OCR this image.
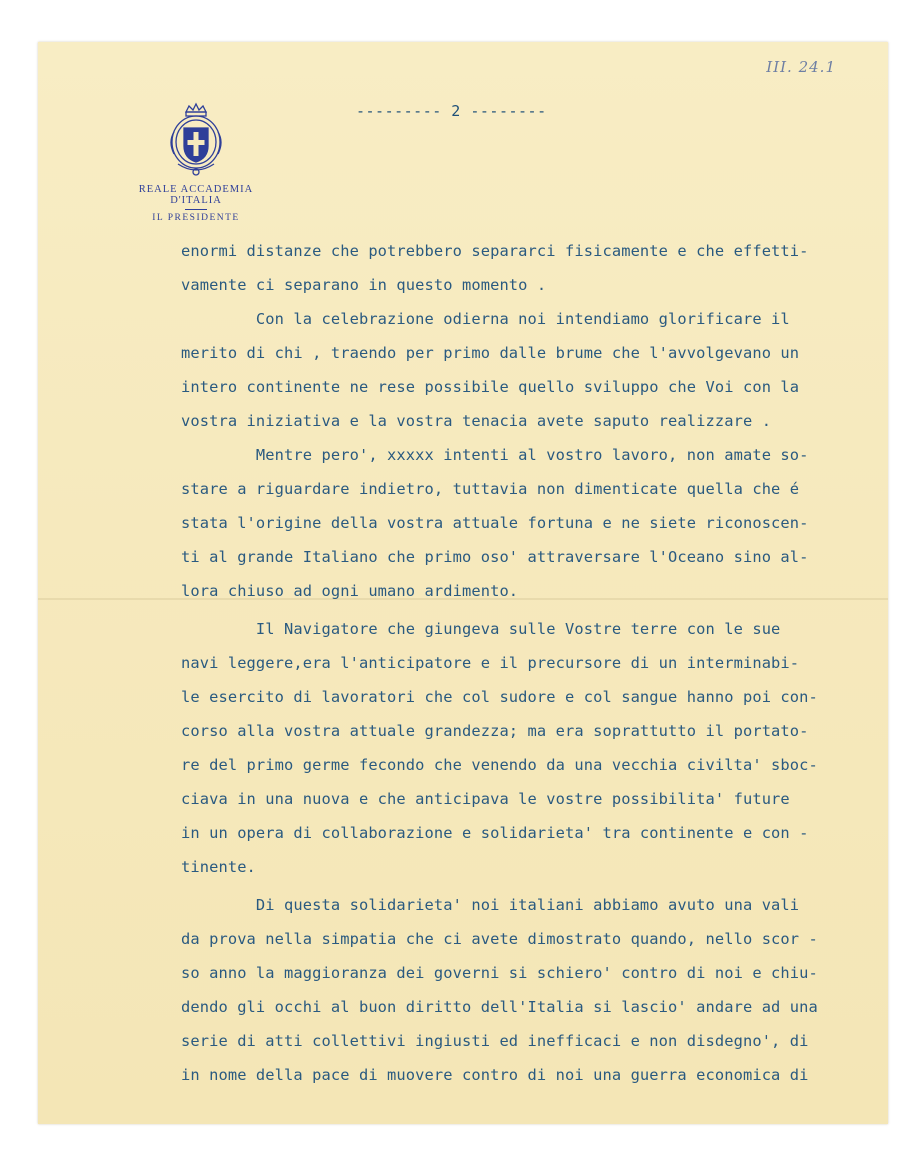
III. 24.1
REALE ACCADEMIA D'ITALIA
IL PRESIDENTE
--------- 2 --------
enormi distanze che potrebbero separarci fisicamente e che effetti-
vamente ci separano in questo momento .
Con la celebrazione odierna noi intendiamo glorificare il
merito di chi , traendo per primo dalle brume che l'avvolgevano un
intero continente ne rese possibile quello sviluppo che Voi con la
vostra iniziativa e la vostra tenacia avete saputo realizzare .
Mentre pero', xxxxx intenti al vostro lavoro, non amate so-
stare a riguardare indietro, tuttavia non dimenticate quella che é
stata l'origine della vostra attuale fortuna e ne siete riconoscen-
ti al grande Italiano che primo oso' attraversare l'Oceano sino al-
lora chiuso ad ogni umano ardimento.
Il Navigatore che giungeva sulle Vostre terre con le sue
navi leggere,era l'anticipatore e il precursore di un interminabi-
le esercito di lavoratori che col sudore e col sangue hanno poi con-
corso alla vostra attuale grandezza; ma era soprattutto il portato-
re del primo germe fecondo che venendo da una vecchia civilta' sboc-
ciava in una nuova e che anticipava le vostre possibilita' future
in un opera di collaborazione e solidarieta' tra continente e con -
tinente.
Di questa solidarieta' noi italiani abbiamo avuto una vali
da prova nella simpatia che ci avete dimostrato quando, nello scor -
so anno la maggioranza dei governi si schiero' contro di noi e chiu-
dendo gli occhi al buon diritto dell'Italia si lascio' andare ad una
serie di atti collettivi ingiusti ed inefficaci e non disdegno', di
in nome della pace di muovere contro di noi una guerra economica di
